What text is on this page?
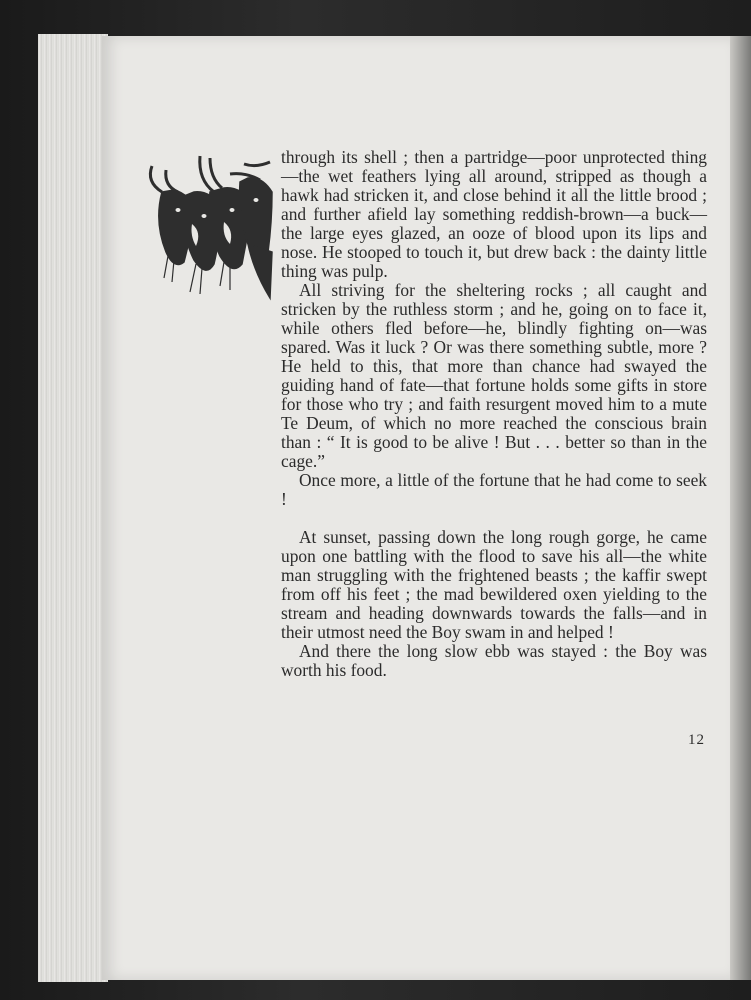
through its shell ; then a partridge—poor unprotected thing—the wet feathers lying all around, stripped as though a hawk had stricken it, and close behind it all the little brood ; and further afield lay something reddish-brown—a buck—the large eyes glazed, an ooze of blood upon its lips and nose. He stooped to touch it, but drew back : the dainty little thing was pulp.

All striving for the sheltering rocks ; all caught and stricken by the ruthless storm ; and he, going on to face it, while others fled before—he, blindly fighting on—was spared. Was it luck ? Or was there something subtle, more ? He held to this, that more than chance had swayed the guiding hand of fate—that fortune holds some gifts in store for those who try ; and faith resurgent moved him to a mute Te Deum, of which no more reached the conscious brain than : “ It is good to be alive ! But . . . better so than in the cage.”

Once more, a little of the fortune that he had come to seek !

At sunset, passing down the long rough gorge, he came upon one battling with the flood to save his all—the white man struggling with the frightened beasts ; the kaffir swept from off his feet ; the mad bewildered oxen yielding to the stream and heading downwards towards the falls—and in their utmost need the Boy swam in and helped !

And there the long slow ebb was stayed : the Boy was worth his food.

12
